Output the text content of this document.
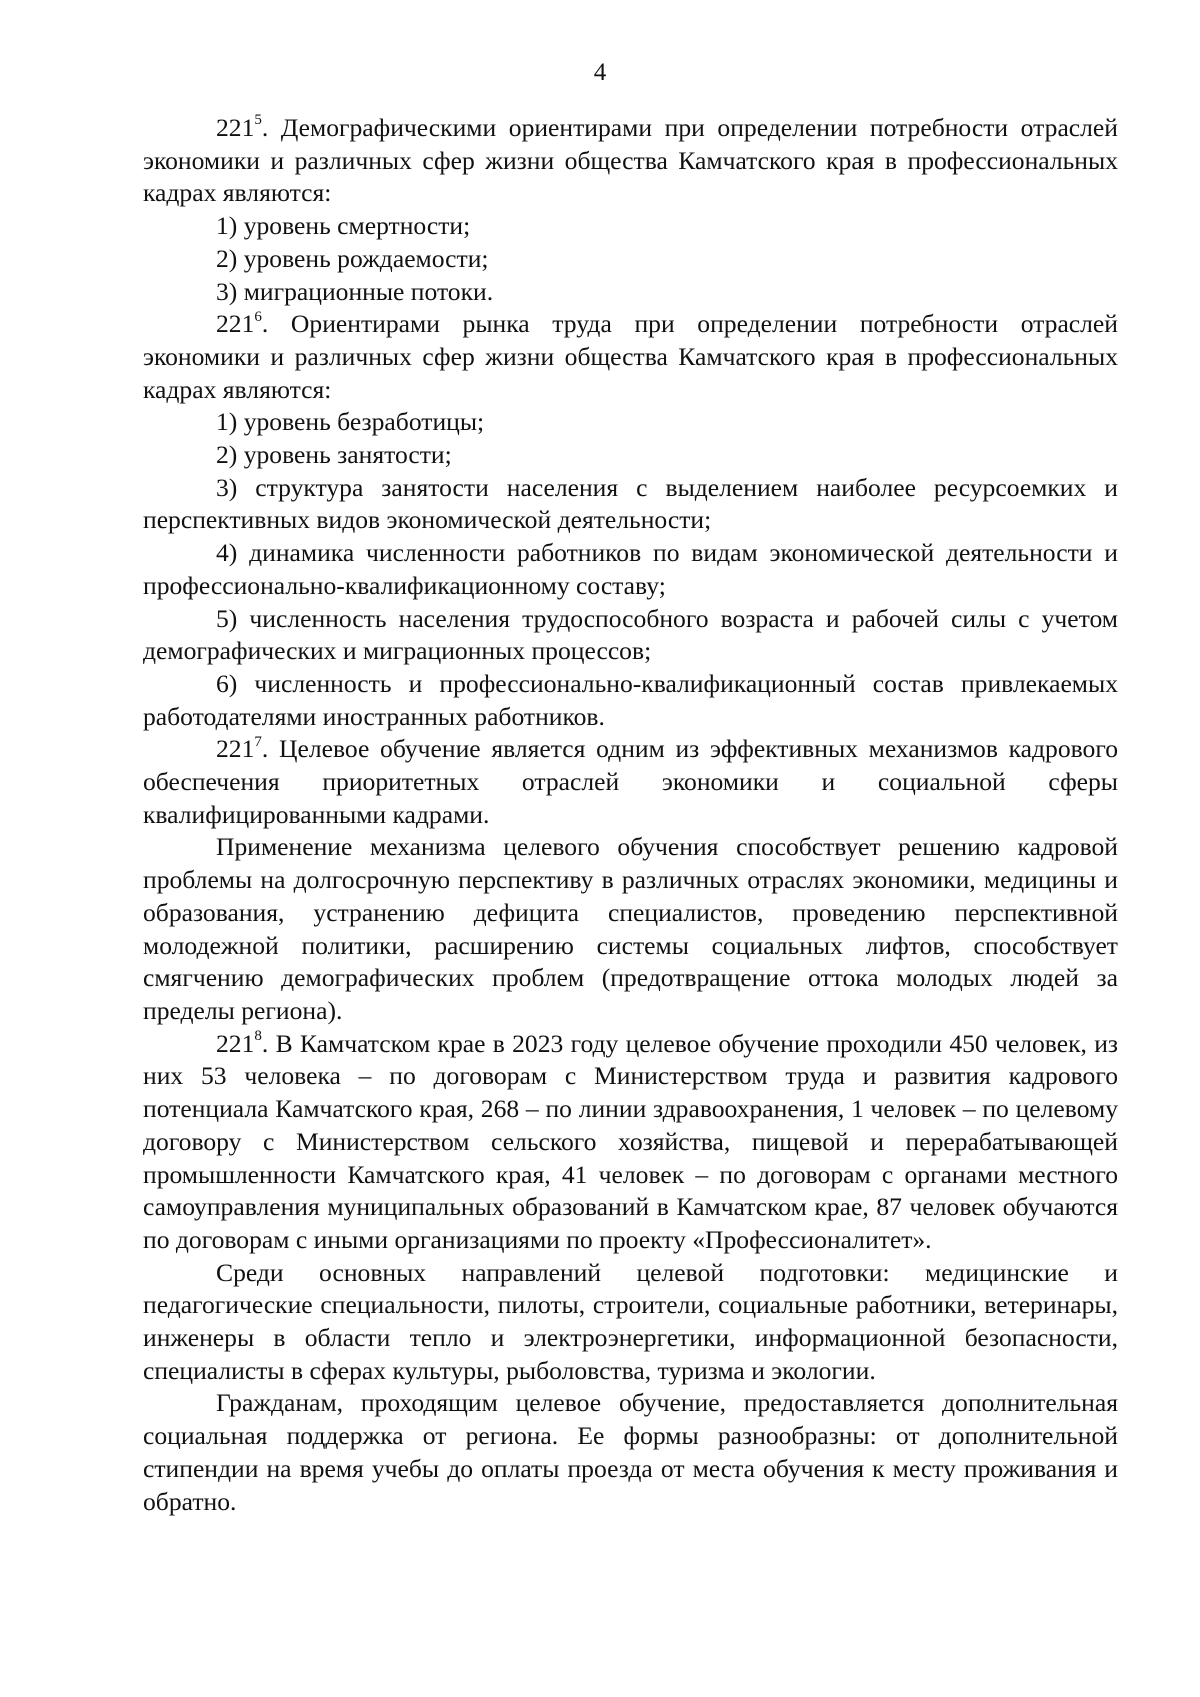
4

$221^5$. Демографическими ориентирами при определении потребности отраслей экономики и различных сфер жизни общества Камчатского края в профессиональных кадрах являются:

1) уровень смертности;

2) уровень рождаемости;

3) миграционные потоки.

$221^6$. Ориентирами рынка труда при определении потребности отраслей экономики и различных сфер жизни общества Камчатского края в профессиональных кадрах являются:

1) уровень безработицы;

2) уровень занятости;

3) структура занятости населения с выделением наиболее ресурсоемких и перспективных видов экономической деятельности;

4) динамика численности работников по видам экономической деятельности и профессионально-квалификационному составу;

5) численность населения трудоспособного возраста и рабочей силы с учетом демографических и миграционных процессов;

6) численность и профессионально-квалификационный состав привлекаемых работодателями иностранных работников.

$221^7$. Целевое обучение является одним из эффективных механизмов кадрового обеспечения приоритетных отраслей экономики и социальной сферы квалифицированными кадрами.

Применение механизма целевого обучения способствует решению кадровой проблемы на долгосрочную перспективу в различных отраслях экономики, медицины и образования, устранению дефицита специалистов, проведению перспективной молодежной политики, расширению системы социальных лифтов, способствует смягчению демографических проблем (предотвращение оттока молодых людей за пределы региона).

$221^8$. В Камчатском крае в 2023 году целевое обучение проходили 450 человек, из них 53 человека – по договорам с Министерством труда и развития кадрового потенциала Камчатского края, 268 – по линии здравоохранения, 1 человек – по целевому договору с Министерством сельского хозяйства, пищевой и перерабатывающей промышленности Камчатского края, 41 человек – по договорам с органами местного самоуправления муниципальных образований в Камчатском крае, 87 человек обучаются по договорам с иными организациями по проекту «Профессионалитет».

Среди основных направлений целевой подготовки: медицинские и педагогические специальности, пилоты, строители, социальные работники, ветеринары, инженеры в области тепло и электроэнергетики, информационной безопасности, специалисты в сферах культуры, рыболовства, туризма и экологии.

Гражданам, проходящим целевое обучение, предоставляется дополнительная социальная поддержка от региона. Ее формы разнообразны: от дополнительной стипендии на время учебы до оплаты проезда от места обучения к месту проживания и обратно.
